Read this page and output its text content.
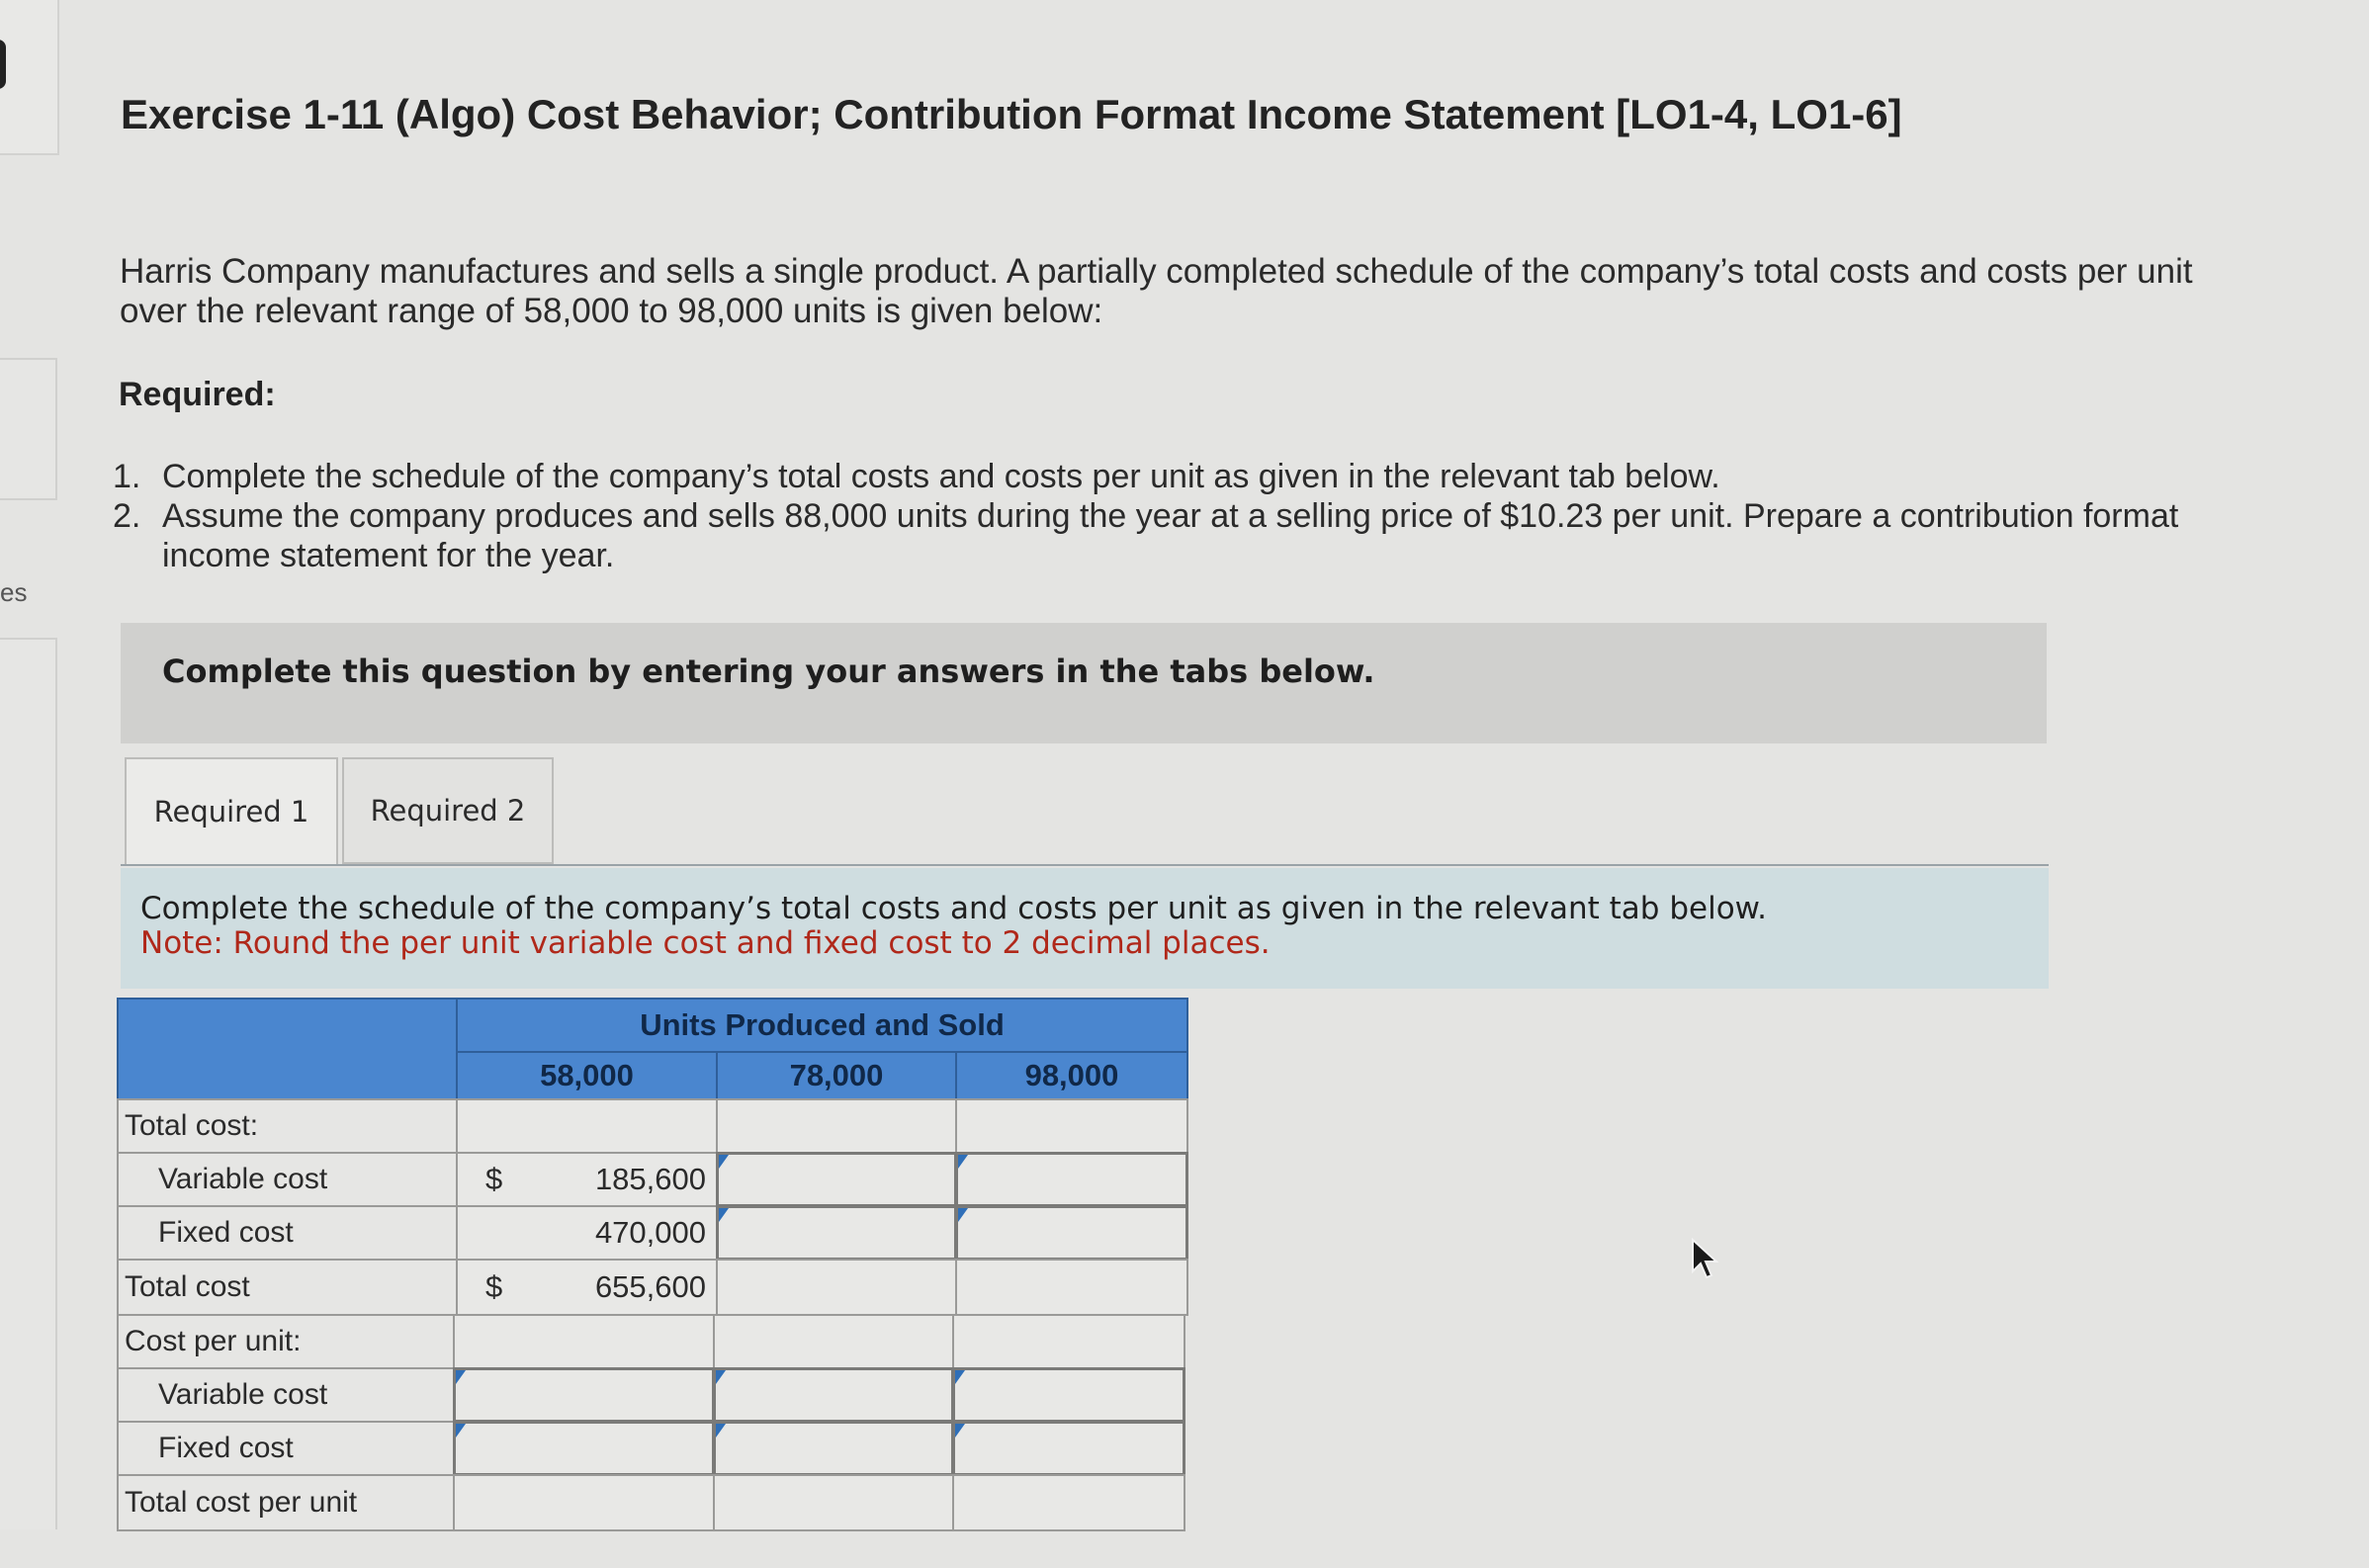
es
Exercise 1-11 (Algo) Cost Behavior; Contribution Format Income Statement [LO1-4, LO1-6]
Harris Company manufactures and sells a single product. A partially completed schedule of the company’s total costs and costs per unit over the relevant range of 58,000 to 98,000 units is given below:
Required:
1. Complete the schedule of the company’s total costs and costs per unit as given in the relevant tab below.
2. Assume the company produces and sells 88,000 units during the year at a selling price of $10.23 per unit. Prepare a contribution format income statement for the year.
Complete this question by entering your answers in the tabs below.
Required 1	Required 2
Complete the schedule of the company’s total costs and costs per unit as given in the relevant tab below.
Note: Round the per unit variable cost and fixed cost to 2 decimal places.
Units Produced and Sold
58,000	78,000	98,000
Total cost:
Variable cost	$	185,600
Fixed cost	470,000
Total cost	$	655,600
Cost per unit:
Variable cost
Fixed cost
Total cost per unit
